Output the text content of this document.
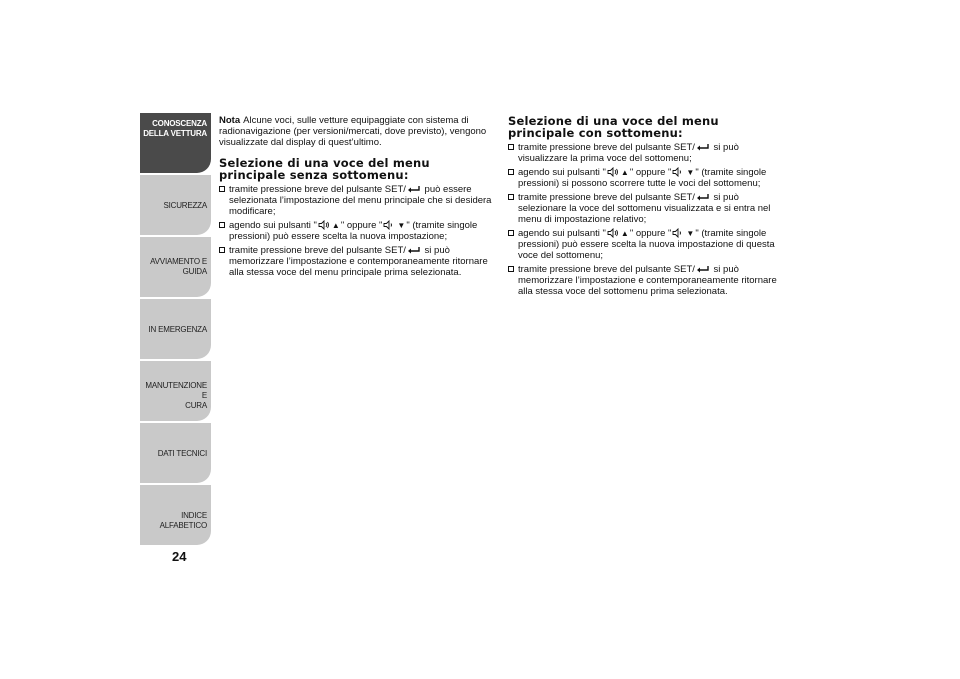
CONOSCENZA
DELLA VETTURA
SICUREZZA
AVVIAMENTO E
GUIDA
IN EMERGENZA
MANUTENZIONE E
CURA
DATI TECNICI
INDICE ALFABETICO
24

Nota Alcune voci, sulle vetture equipaggiate con sistema di radionavigazione (per versioni/mercati, dove previsto), vengono visualizzate dal display di quest’ultimo.

Selezione di una voce del menu principale senza sottomenu:
tramite pressione breve del pulsante SET/ può essere selezionata l’impostazione del menu principale che si desidera modificare;
agendo sui pulsanti " ▲" oppure " ▼" (tramite singole pressioni) può essere scelta la nuova impostazione;
tramite pressione breve del pulsante SET/ si può memorizzare l’impostazione e contemporaneamente ritornare alla stessa voce del menu principale prima selezionata.
Selezione di una voce del menu principale con sottomenu:
tramite pressione breve del pulsante SET/ si può visualizzare la prima voce del sottomenu;
agendo sui pulsanti " ▲" oppure " ▼" (tramite singole pressioni) si possono scorrere tutte le voci del sottomenu;
tramite pressione breve del pulsante SET/ si può selezionare la voce del sottomenu visualizzata e si entra nel menu di impostazione relativo;
agendo sui pulsanti " ▲" oppure " ▼" (tramite singole pressioni) può essere scelta la nuova impostazione di questa voce del sottomenu;
tramite pressione breve del pulsante SET/ si può memorizzare l’impostazione e contemporaneamente ritornare alla stessa voce del sottomenu prima selezionata.
